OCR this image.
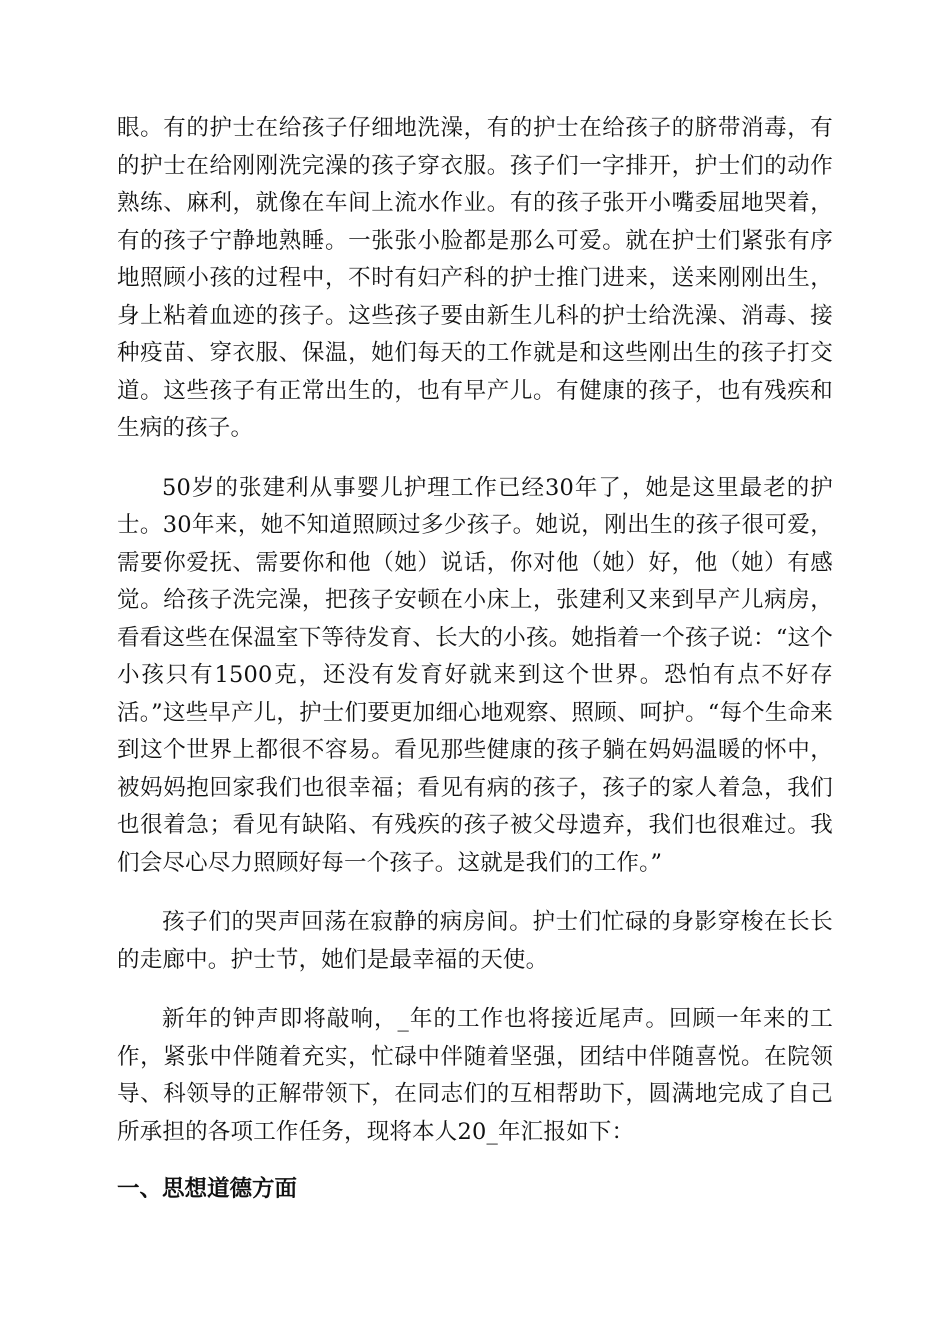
眼。有的护士在给孩子仔细地洗澡，有的护士在给孩子的脐带消毒，有的护士在给刚刚洗完澡的孩子穿衣服。孩子们一字排开，护士们的动作熟练、麻利，就像在车间上流水作业。有的孩子张开小嘴委屈地哭着，有的孩子宁静地熟睡。一张张小脸都是那么可爱。就在护士们紧张有序地照顾小孩的过程中，不时有妇产科的护士推门进来，送来刚刚出生，身上粘着血迹的孩子。这些孩子要由新生儿科的护士给洗澡、消毒、接种疫苗、穿衣服、保温，她们每天的工作就是和这些刚出生的孩子打交道。这些孩子有正常出生的，也有早产儿。有健康的孩子，也有残疾和生病的孩子。

50岁的张建利从事婴儿护理工作已经30年了，她是这里最老的护士。30年来，她不知道照顾过多少孩子。她说，刚出生的孩子很可爱，需要你爱抚、需要你和他（她）说话，你对他（她）好，他（她）有感觉。给孩子洗完澡，把孩子安顿在小床上，张建利又来到早产儿病房，看看这些在保温室下等待发育、长大的小孩。她指着一个孩子说：“这个小孩只有1500克，还没有发育好就来到这个世界。恐怕有点不好存活。”这些早产儿，护士们要更加细心地观察、照顾、呵护。“每个生命来到这个世界上都很不容易。看见那些健康的孩子躺在妈妈温暖的怀中，被妈妈抱回家我们也很幸福；看见有病的孩子，孩子的家人着急，我们也很着急；看见有缺陷、有残疾的孩子被父母遗弃，我们也很难过。我们会尽心尽力照顾好每一个孩子。这就是我们的工作。”

孩子们的哭声回荡在寂静的病房间。护士们忙碌的身影穿梭在长长的走廊中。护士节，她们是最幸福的天使。

新年的钟声即将敲响，_年的工作也将接近尾声。回顾一年来的工作，紧张中伴随着充实，忙碌中伴随着坚强，团结中伴随喜悦。在院领导、科领导的正解带领下，在同志们的互相帮助下，圆满地完成了自己所承担的各项工作任务，现将本人20_年汇报如下：

一、思想道德方面
